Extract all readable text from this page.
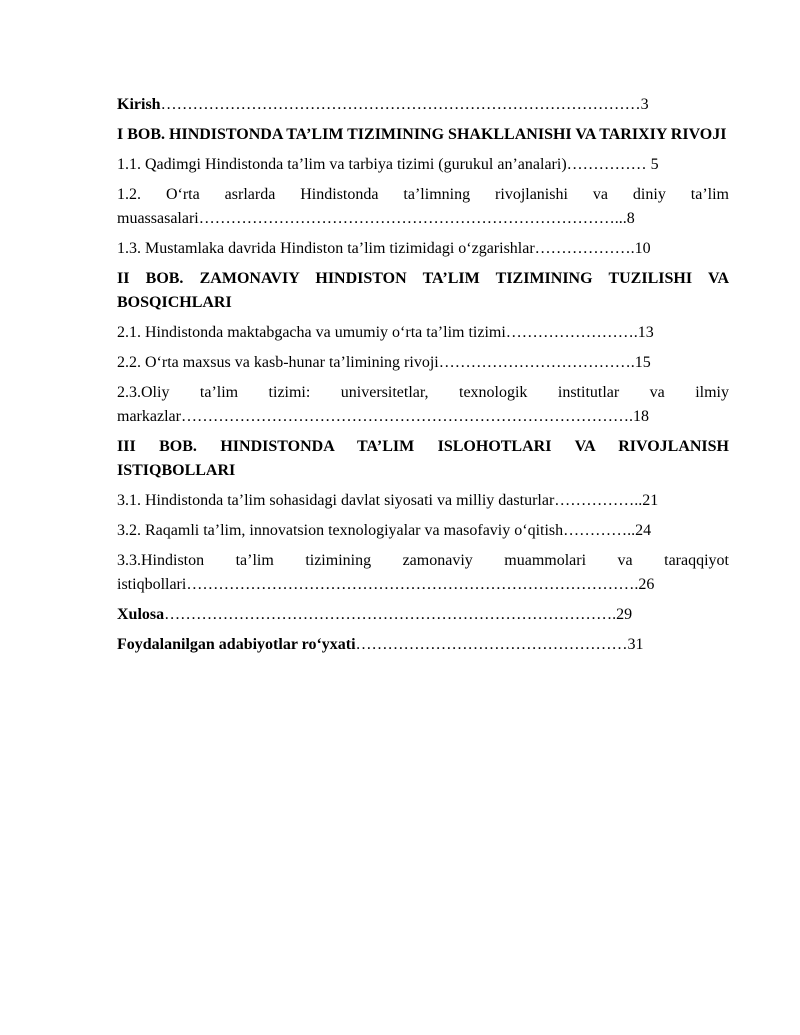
Kirish………………………………………………………………………………3

I BOB. HINDISTONDA TA’LIM TIZIMINING SHAKLLANISHI VA TARIXIY RIVOJI

1.1. Qadimgi Hindistonda ta’lim va tarbiya tizimi (gurukul an’analari)…………… 5

1.2. O‘rta asrlarda Hindistonda ta’limning rivojlanishi va diniy ta’lim muassasalari……………………………………………………………………...8

1.3. Mustamlaka davrida Hindiston ta’lim tizimidagi o‘zgarishlar……………….10

II BOB. ZAMONAVIY HINDISTON TA’LIM TIZIMINING TUZILISHI VA BOSQICHLARI

2.1. Hindistonda maktabgacha va umumiy o‘rta ta’lim tizimi…………………….13

2.2. O‘rta maxsus va kasb-hunar ta’limining rivoji……………………………….15

2.3.Oliy ta’lim tizimi: universitetlar, texnologik institutlar va ilmiy markazlar………………………………………………………………………….18

III BOB. HINDISTONDA TA’LIM ISLOHOTLARI VA RIVOJLANISH ISTIQBOLLARI

3.1. Hindistonda ta’lim sohasidagi davlat siyosati va milliy dasturlar……………..21

3.2. Raqamli ta’lim, innovatsion texnologiyalar va masofaviy o‘qitish…………..24

3.3.Hindiston ta’lim tizimining zamonaviy muammolari va taraqqiyot istiqbollari………………………………………………………………………….26

Xulosa………………………………………………………………………….29

Foydalanilgan adabiyotlar ro‘yxati……………………………………………31
